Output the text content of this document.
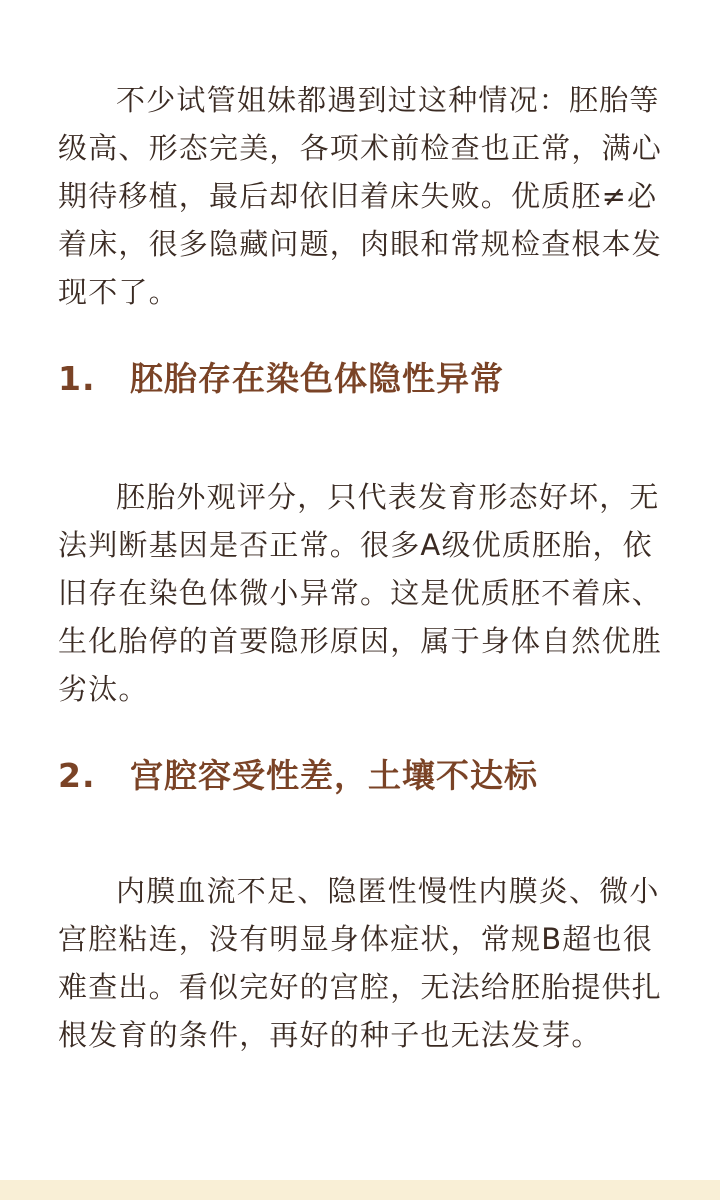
不少试管姐妹都遇到过这种情况：胚胎等级高、形态完美，各项术前检查也正常，满心期待移植，最后却依旧着床失败。优质胚≠必着床，很多隐藏问题，肉眼和常规检查根本发现不了。

1. 胚胎存在染色体隐性异常

胚胎外观评分，只代表发育形态好坏，无法判断基因是否正常。很多A级优质胚胎，依旧存在染色体微小异常。这是优质胚不着床、生化胎停的首要隐形原因，属于身体自然优胜劣汰。

2. 宫腔容受性差，土壤不达标

内膜血流不足、隐匿性慢性内膜炎、微小宫腔粘连，没有明显身体症状，常规B超也很难查出。看似完好的宫腔，无法给胚胎提供扎根发育的条件，再好的种子也无法发芽。
